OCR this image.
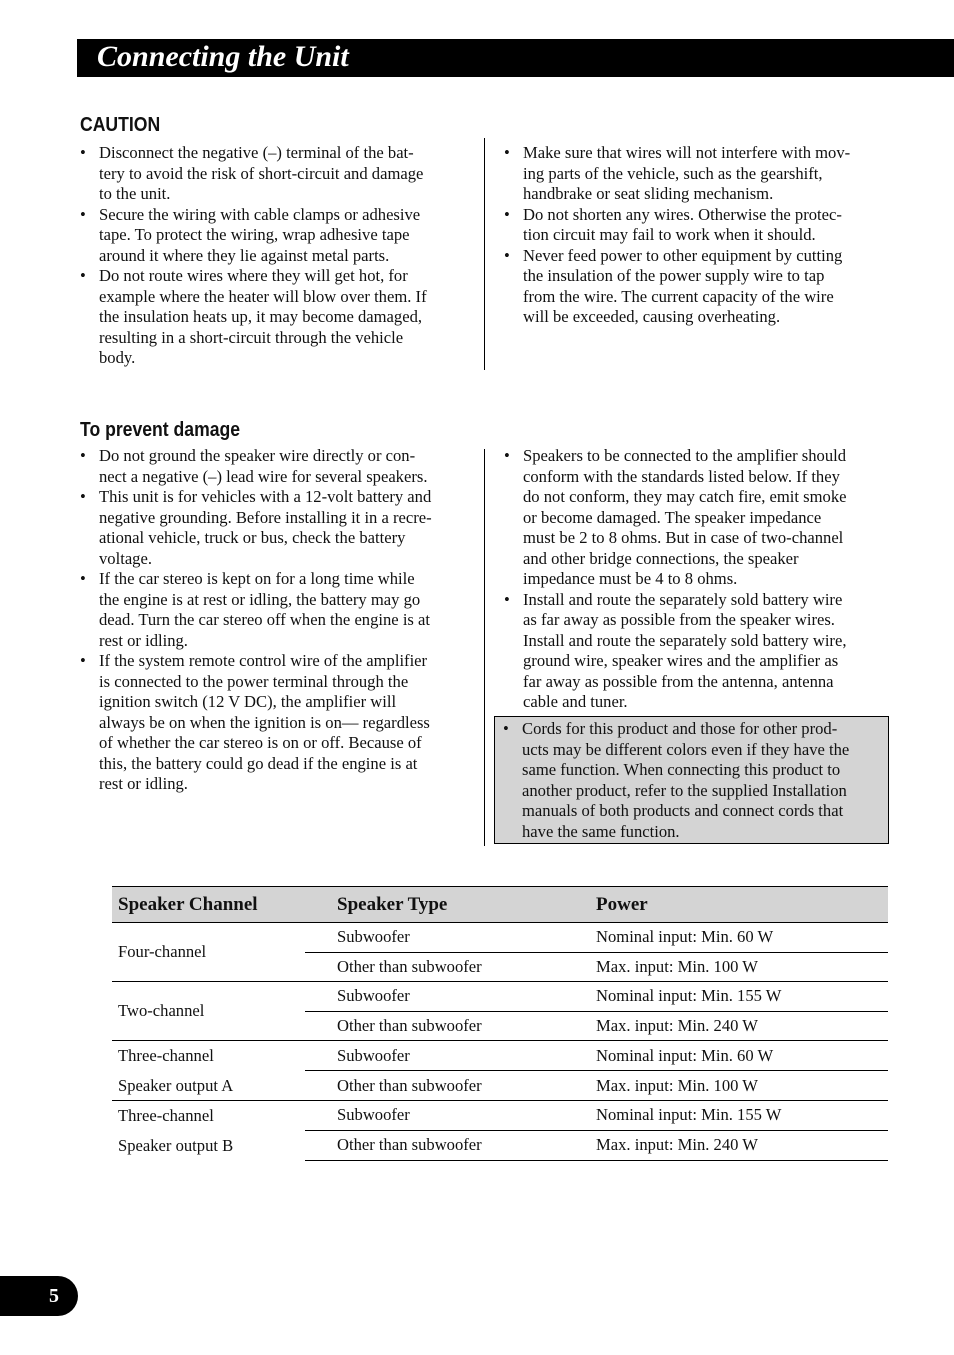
Connecting the Unit
CAUTION
• Disconnect the negative (–) terminal of the bat-
tery to avoid the risk of short-circuit and damage
to the unit.
• Secure the wiring with cable clamps or adhesive
tape. To protect the wiring, wrap adhesive tape
around it where they lie against metal parts.
• Do not route wires where they will get hot, for
example where the heater will blow over them. If
the insulation heats up, it may become damaged,
resulting in a short-circuit through the vehicle
body.
• Make sure that wires will not interfere with mov-
ing parts of the vehicle, such as the gearshift,
handbrake or seat sliding mechanism.
• Do not shorten any wires. Otherwise the protec-
tion circuit may fail to work when it should.
• Never feed power to other equipment by cutting
the insulation of the power supply wire to tap
from the wire. The current capacity of the wire
will be exceeded, causing overheating.
To prevent damage
• Do not ground the speaker wire directly or con-
nect a negative (–) lead wire for several speakers.
• This unit is for vehicles with a 12-volt battery and
negative grounding. Before installing it in a recre-
ational vehicle, truck or bus, check the battery
voltage.
• If the car stereo is kept on for a long time while
the engine is at rest or idling, the battery may go
dead. Turn the car stereo off when the engine is at
rest or idling.
• If the system remote control wire of the amplifier
is connected to the power terminal through the
ignition switch (12 V DC), the amplifier will
always be on when the ignition is on— regardless
of whether the car stereo is on or off. Because of
this, the battery could go dead if the engine is at
rest or idling.
• Speakers to be connected to the amplifier should
conform with the standards listed below. If they
do not conform, they may catch fire, emit smoke
or become damaged. The speaker impedance
must be 2 to 8 ohms. But in case of two-channel
and other bridge connections, the speaker
impedance must be 4 to 8 ohms.
• Install and route the separately sold battery wire
as far away as possible from the speaker wires.
Install and route the separately sold battery wire,
ground wire, speaker wires and the amplifier as
far away as possible from the antenna, antenna
cable and tuner.
• Cords for this product and those for other prod-
ucts may be different colors even if they have the
same function. When connecting this product to
another product, refer to the supplied Installation
manuals of both products and connect cords that
have the same function.
Speaker Channel	Speaker Type	Power
Four-channel	Subwoofer	Nominal input: Min. 60 W
	Other than subwoofer	Max. input: Min. 100 W
Two-channel	Subwoofer	Nominal input: Min. 155 W
	Other than subwoofer	Max. input: Min. 240 W

Three-channel
Speaker output A	Subwoofer	Nominal input: Min. 60 W
	Other than subwoofer	Max. input: Min. 100 W

Three-channel
Speaker output B	Subwoofer	Nominal input: Min. 155 W
	Other than subwoofer	Max. input: Min. 240 W
5
